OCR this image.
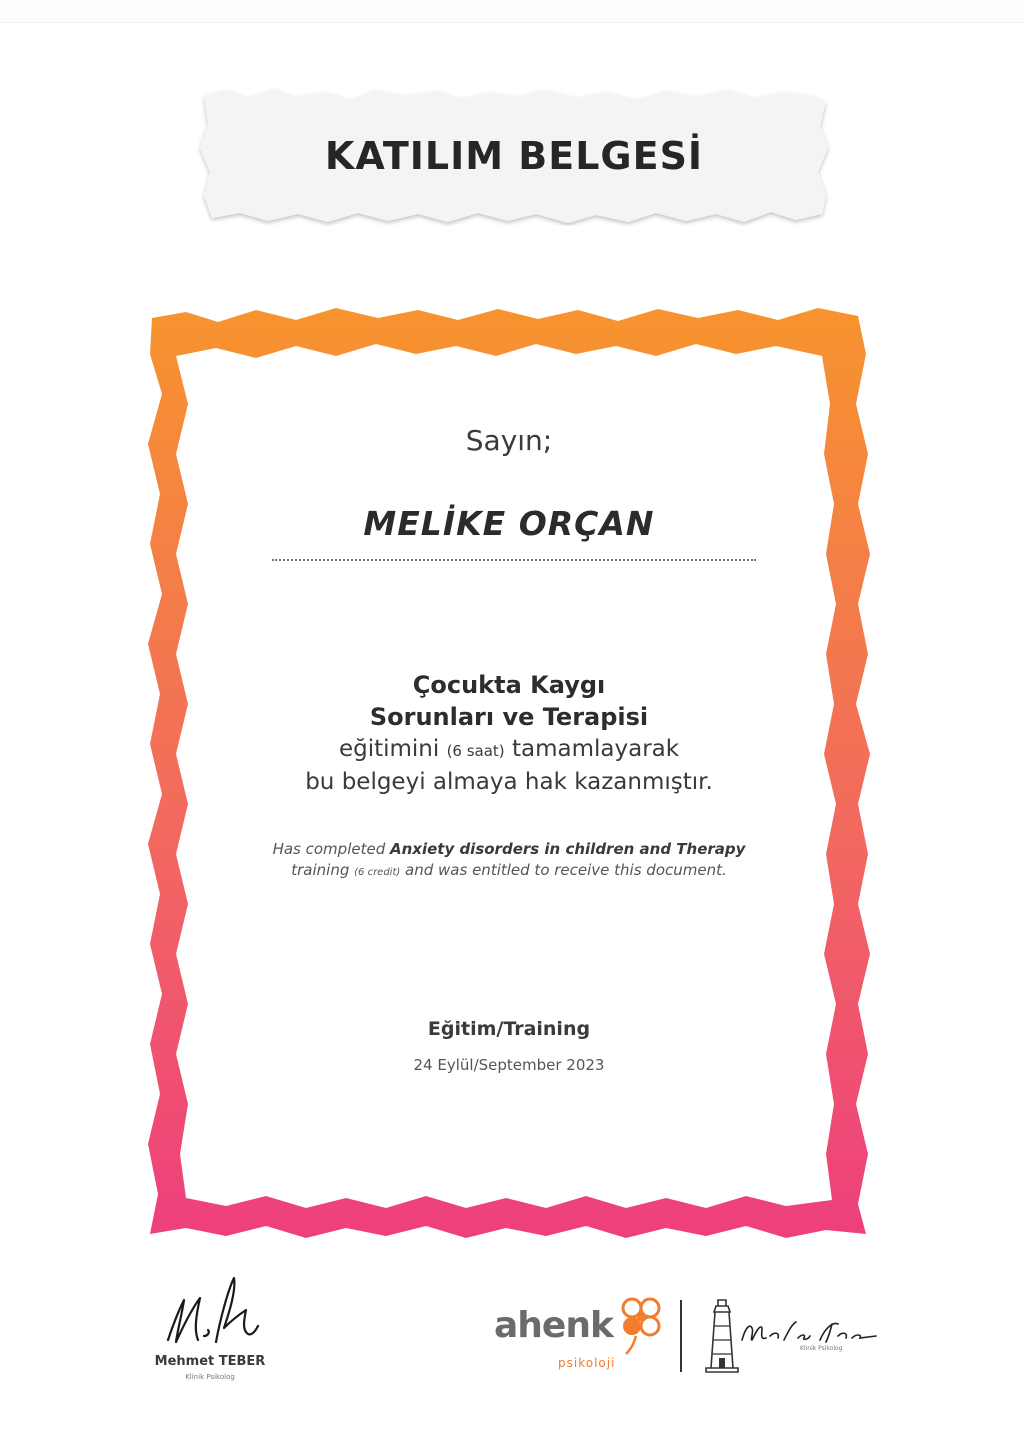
KATILIM BELGESİ
Sayın;
MELİKE ORÇAN
Çocukta Kaygı
Sorunları ve Terapisi
eğitimini (6 saat) tamamlayarak
bu belgeyi almaya hak kazanmıştır.
Has completed Anxiety disorders in children and Therapy training (6 credit) and was entitled to receive this document.
Eğitim/Training
24 Eylül/September 2023
Mehmet TEBER
Klinik Psikolog
ahenk
psikoloji
Klinik Psikolog
